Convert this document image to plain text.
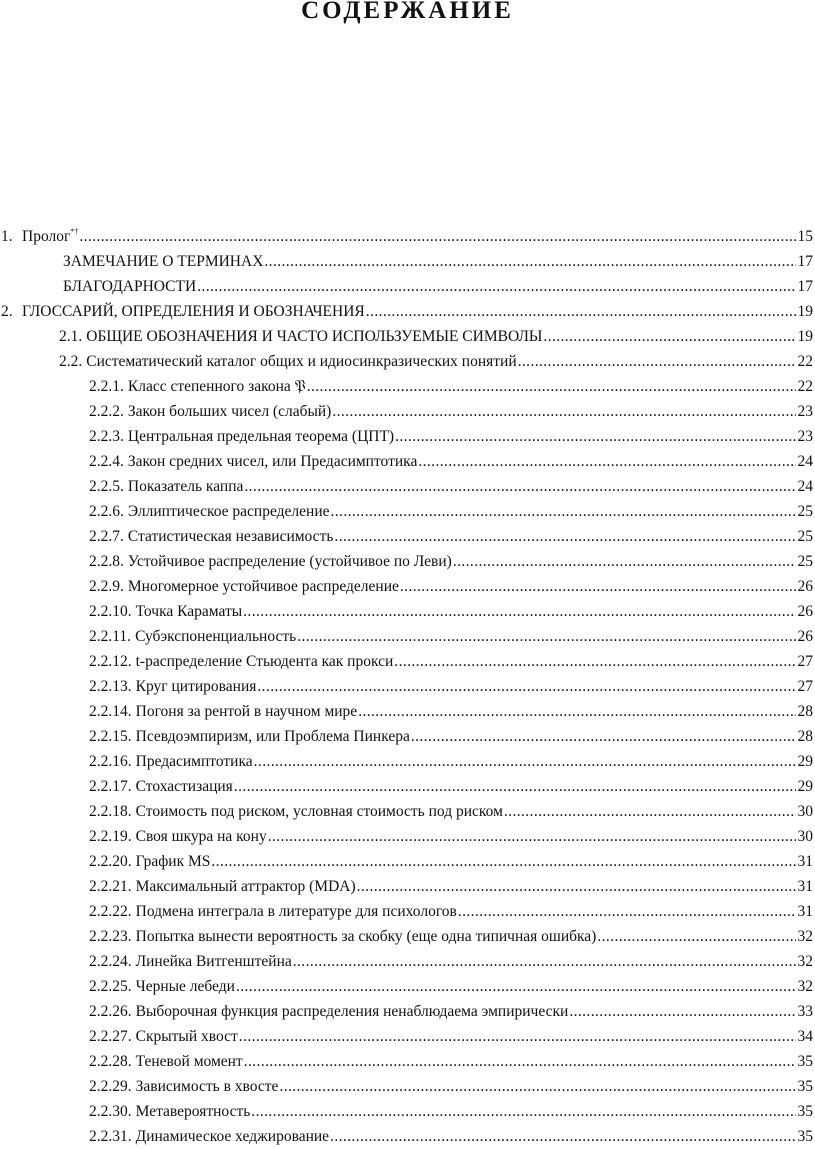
СОДЕРЖАНИЕ
1. Пролог*† .....	15
ЗАМЕЧАНИЕ О ТЕРМИНАХ .....	17
БЛАГОДАРНОСТИ .....	17
2. ГЛОССАРИЙ, ОПРЕДЕЛЕНИЯ И ОБОЗНАЧЕНИЯ .....	19
2.1. ОБЩИЕ ОБОЗНАЧЕНИЯ И ЧАСТО ИСПОЛЬЗУЕМЫЕ СИМВОЛЫ .....	19
2.2. Систематический каталог общих и идиосинкразических понятий .....	22
2.2.1. Класс степенного закона 𝔓 .....	22
2.2.2. Закон больших чисел (слабый) .....	23
2.2.3. Центральная предельная теорема (ЦПТ) .....	23
2.2.4. Закон средних чисел, или Предасимптотика .....	24
2.2.5. Показатель каппа .....	24
2.2.6. Эллиптическое распределение .....	25
2.2.7. Статистическая независимость .....	25
2.2.8. Устойчивое распределение (устойчивое по Леви) .....	25
2.2.9. Многомерное устойчивое распределение .....	26
2.2.10. Точка Караматы .....	26
2.2.11. Субэкспоненциальность .....	26
2.2.12. t-распределение Стьюдента как прокси .....	27
2.2.13. Круг цитирования .....	27
2.2.14. Погоня за рентой в научном мире .....	28
2.2.15. Псевдоэмпиризм, или Проблема Пинкера .....	28
2.2.16. Предасимптотика .....	29
2.2.17. Стохастизация .....	29
2.2.18. Стоимость под риском, условная стоимость под риском .....	30
2.2.19. Своя шкура на кону .....	30
2.2.20. График MS .....	31
2.2.21. Максимальный аттрактор (MDA) .....	31
2.2.22. Подмена интеграла в литературе для психологов .....	31
2.2.23. Попытка вынести вероятность за скобку (еще одна типичная ошибка) .....	32
2.2.24. Линейка Витгенштейна .....	32
2.2.25. Черные лебеди .....	32
2.2.26. Выборочная функция распределения ненаблюдаема эмпирически .....	33
2.2.27. Скрытый хвост .....	34
2.2.28. Теневой момент .....	35
2.2.29. Зависимость в хвосте .....	35
2.2.30. Метавероятность .....	35
2.2.31. Динамическое хеджирование .....	35
